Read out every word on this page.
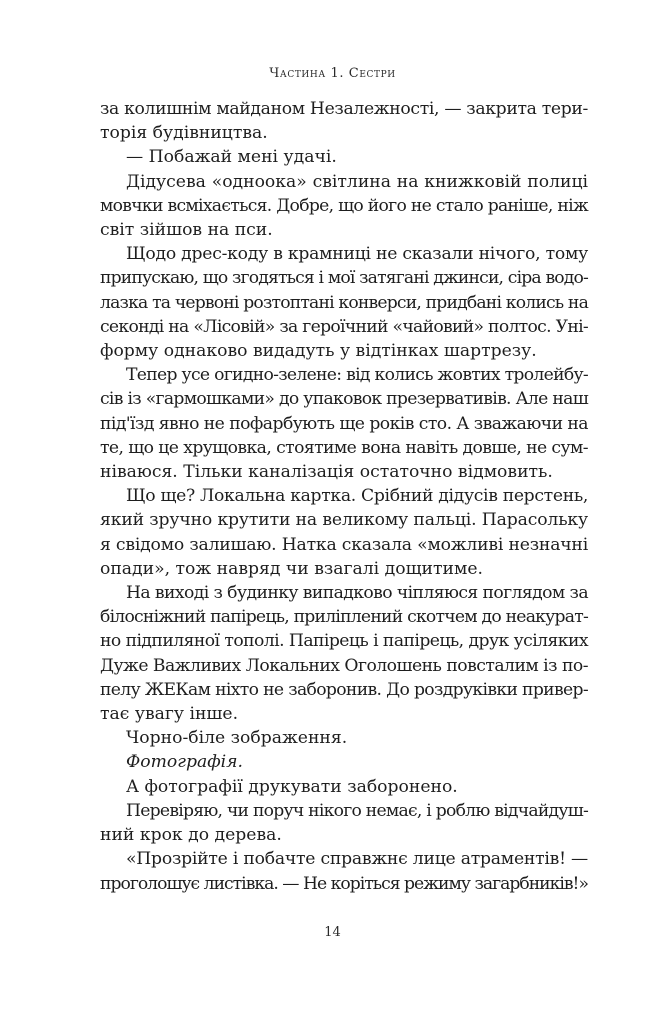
Частина 1. Сестри

за колишнім майданом Незалежності, — закрита тери-
торія будівництва.

— Побажай мені удачі.

Дідусева «одноока» світлина на книжковій полиці
мовчки всміхається. Добре, що його не стало раніше, ніж
світ зійшов на пси.

Щодо дрес-коду в крамниці не сказали нічого, тому
припускаю, що згодяться і мої затягані джинси, сіра водо-
лазка та червоні розтоптані конверси, придбані колись на
секонді на «Лісовій» за героїчний «чайовий» полтос. Уні-
форму однаково видадуть у відтінках шартрезу.

Тепер усе огидно-зелене: від колись жовтих тролейбу-
сів із «гармошками» до упаковок презервативів. Але наш
під'їзд явно не пофарбують ще років сто. А зважаючи на
те, що це хрущовка, стоятиме вона навіть довше, не сум-
ніваюся. Тільки каналізація остаточно відмовить.

Що ще? Локальна картка. Срібний дідусів перстень,
який зручно крутити на великому пальці. Парасольку
я свідомо залишаю. Натка сказала «можливі незначні
опади», тож навряд чи взагалі дощитиме.

На виході з будинку випадково чіпляюся поглядом за
білосніжний папірець, приліплений скотчем до неакурат-
но підпиляної тополі. Папірець і папірець, друк усіляких
Дуже Важливих Локальних Оголошень повсталим із по-
пелу ЖЕКам ніхто не заборонив. До роздруківки привер-
тає увагу інше.

Чорно-біле зображення.

Фотографія.

А фотографії друкувати заборонено.

Перевіряю, чи поруч нікого немає, і роблю відчайдуш-
ний крок до дерева.

«Прозрійте і побачте справжнє лице атраментів! —
проголошує листівка. — Не коріться режиму загарбників!»

14
